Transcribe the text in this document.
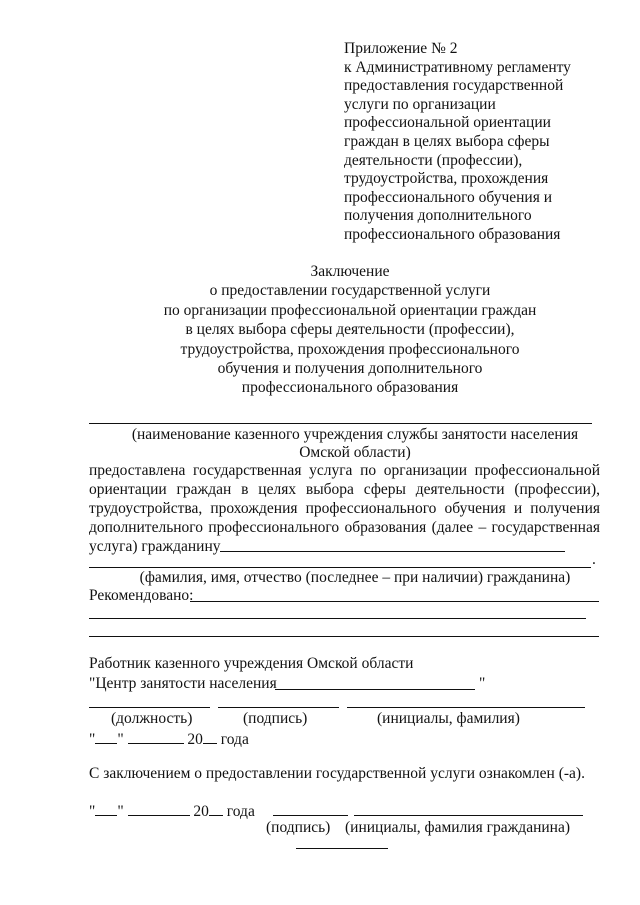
Приложение № 2
к Административному регламенту
предоставления государственной
услуги по организации
профессиональной ориентации
граждан в целях выбора сферы
деятельности (профессии),
трудоустройства, прохождения
профессионального обучения и
получения дополнительного
профессионального образования
Заключение
о предоставлении государственной услуги
по организации профессиональной ориентации граждан
в целях выбора сферы деятельности (профессии),
трудоустройства, прохождения профессионального
обучения и получения дополнительного
профессионального образования
(наименование казенного учреждения службы занятости населения
Омской области)
предоставлена государственная услуга по организации профессиональной
ориентации граждан в целях выбора сферы деятельности (профессии),
трудоустройства, прохождения профессионального обучения и получения
дополнительного профессионального образования (далее – государственная
услуга) гражданину
.
(фамилия, имя, отчество (последнее – при наличии) гражданина)
Рекомендовано:
Работник казенного учреждения Омской области
"Центр занятости населения	"
(должность)	(подпись)	(инициалы, фамилия)
" "	20 года
С заключением о предоставлении государственной услуги ознакомлен (-а).
" "	20 года
(подпись) (инициалы, фамилия гражданина)
